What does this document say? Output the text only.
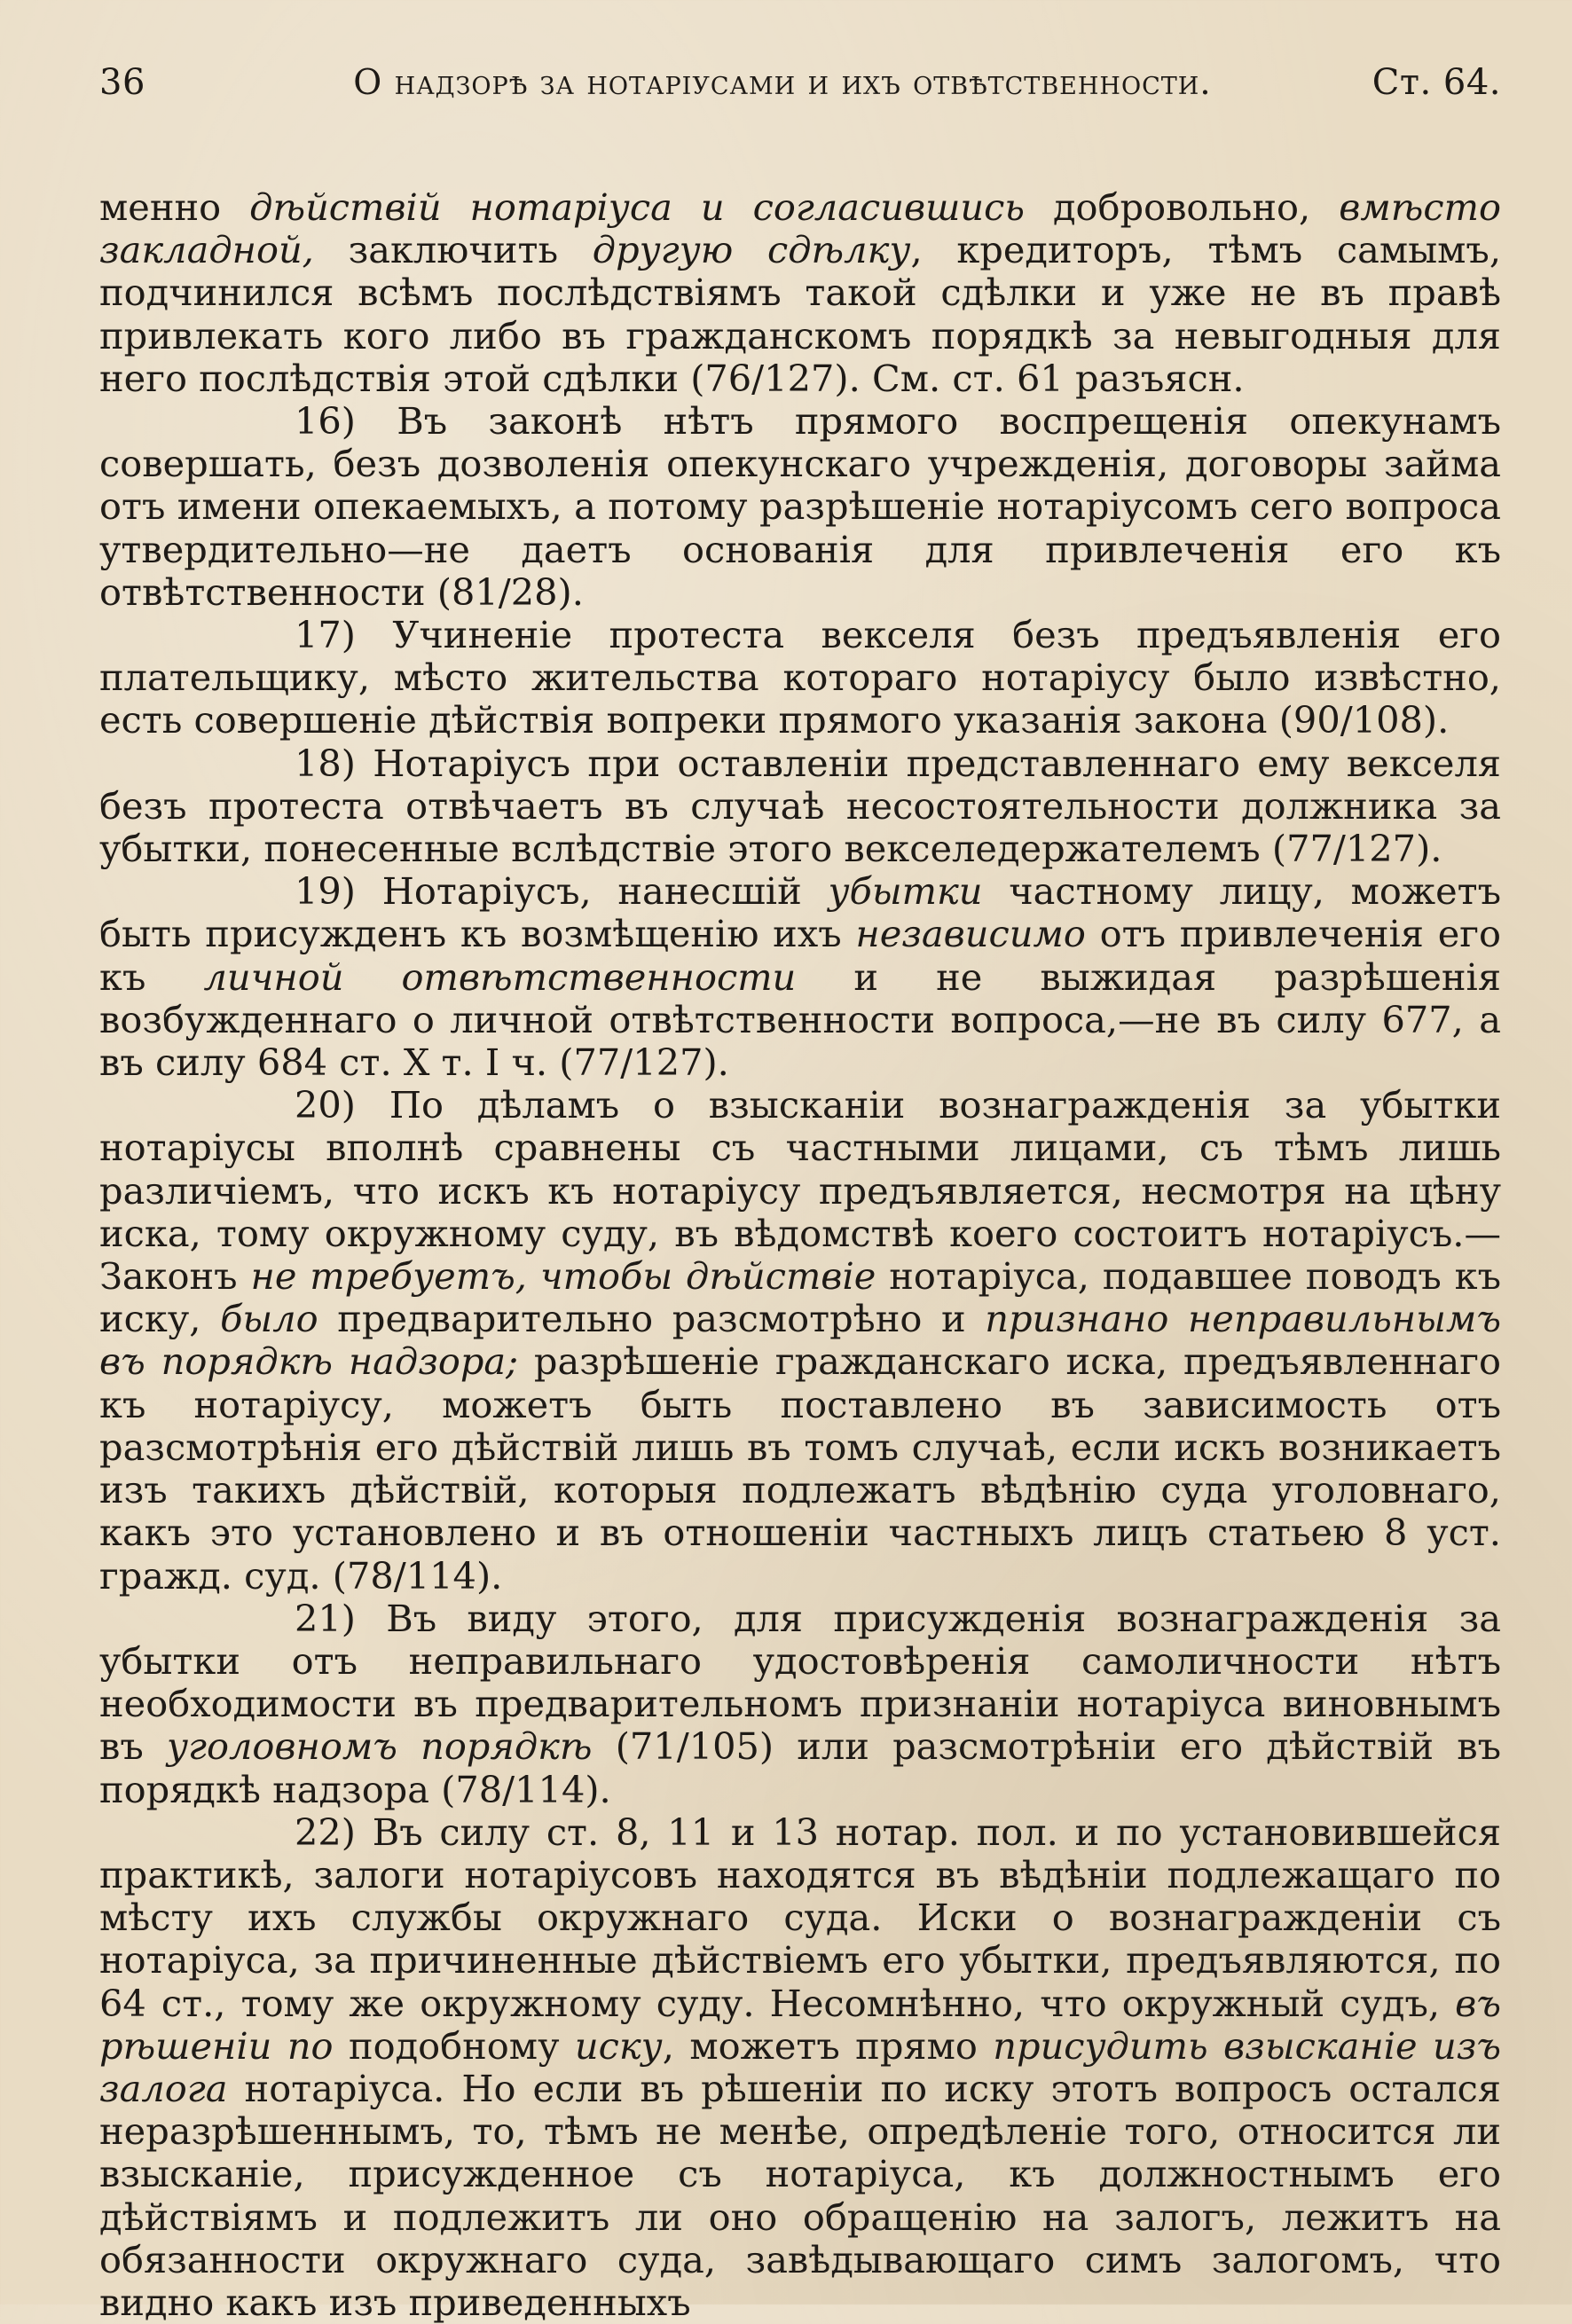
36	О надзорѣ за нотаріусами и ихъ отвѣтственности.	Ст. 64.

менно дѣйствій нотаріуса и согласившись добровольно, вмѣсто закладной, заключить другую сдѣлку, кредиторъ, тѣмъ самымъ, подчинился всѣмъ послѣдствіямъ такой сдѣлки и уже не въ правѣ привлекать кого либо въ гражданскомъ порядкѣ за невыгодныя для него послѣдствія этой сдѣлки (76/127). См. ст. 61 разъясн.

16) Въ законѣ нѣтъ прямого воспрещенія опекунамъ совершать, безъ дозволенія опекунскаго учрежденія, договоры займа отъ имени опекаемыхъ, а потому разрѣшеніе нотаріусомъ сего вопроса утвердительно—не даетъ основанія для привлеченія его къ отвѣтственности (81/28).

17) Учиненіе протеста векселя безъ предъявленія его плательщику, мѣсто жительства котораго нотаріусу было извѣстно, есть совершеніе дѣйствія вопреки прямого указанія закона (90/108).

18) Нотаріусъ при оставленіи представленнаго ему векселя безъ протеста отвѣчаетъ въ случаѣ несостоятельности должника за убытки, понесенные вслѣдствіе этого векселедержателемъ (77/127).

19) Нотаріусъ, нанесшій убытки частному лицу, можетъ быть присужденъ къ возмѣщенію ихъ независимо отъ привлеченія его къ личной отвѣтственности и не выжидая разрѣшенія возбужденнаго о личной отвѣтственности вопроса,—не въ силу 677, а въ силу 684 ст. X т. I ч. (77/127).

20) По дѣламъ о взысканіи вознагражденія за убытки нотаріусы вполнѣ сравнены съ частными лицами, съ тѣмъ лишь различіемъ, что искъ къ нотаріусу предъявляется, несмотря на цѣну иска, тому окружному суду, въ вѣдомствѣ коего состоитъ нотаріусъ.—Законъ не требуетъ, чтобы дѣйствіе нотаріуса, подавшее поводъ къ иску, было предварительно разсмотрѣно и признано неправильнымъ въ порядкѣ надзора; разрѣшеніе гражданскаго иска, предъявленнаго къ нотаріусу, можетъ быть поставлено въ зависимость отъ разсмотрѣнія его дѣйствій лишь въ томъ случаѣ, если искъ возникаетъ изъ такихъ дѣйствій, которыя подлежатъ вѣдѣнію суда уголовнаго, какъ это установлено и въ отношеніи частныхъ лицъ статьею 8 уст. гражд. суд. (78/114).

21) Въ виду этого, для присужденія вознагражденія за убытки отъ неправильнаго удостовѣренія самоличности нѣтъ необходимости въ предварительномъ признаніи нотаріуса виновнымъ въ уголовномъ порядкѣ (71/105) или разсмотрѣніи его дѣйствій въ порядкѣ надзора (78/114).

22) Въ силу ст. 8, 11 и 13 нотар. пол. и по установившейся практикѣ, залоги нотаріусовъ находятся въ вѣдѣніи подлежащаго по мѣсту ихъ службы окружнаго суда. Иски о вознагражденіи съ нотаріуса, за причиненные дѣйствіемъ его убытки, предъявляются, по 64 ст., тому же окружному суду. Несомнѣнно, что окружный судъ, въ рѣшеніи по подобному иску, можетъ прямо присудить взысканіе изъ залога нотаріуса. Но если въ рѣшеніи по иску этотъ вопросъ остался неразрѣшеннымъ, то, тѣмъ не менѣе, опредѣленіе того, относится ли взысканіе, присужденное съ нотаріуса, къ должностнымъ его дѣйствіямъ и подлежитъ ли оно обращенію на залогъ, лежитъ на обязанности окружнаго суда, завѣдывающаго симъ залогомъ, что видно какъ изъ приведенныхъ
